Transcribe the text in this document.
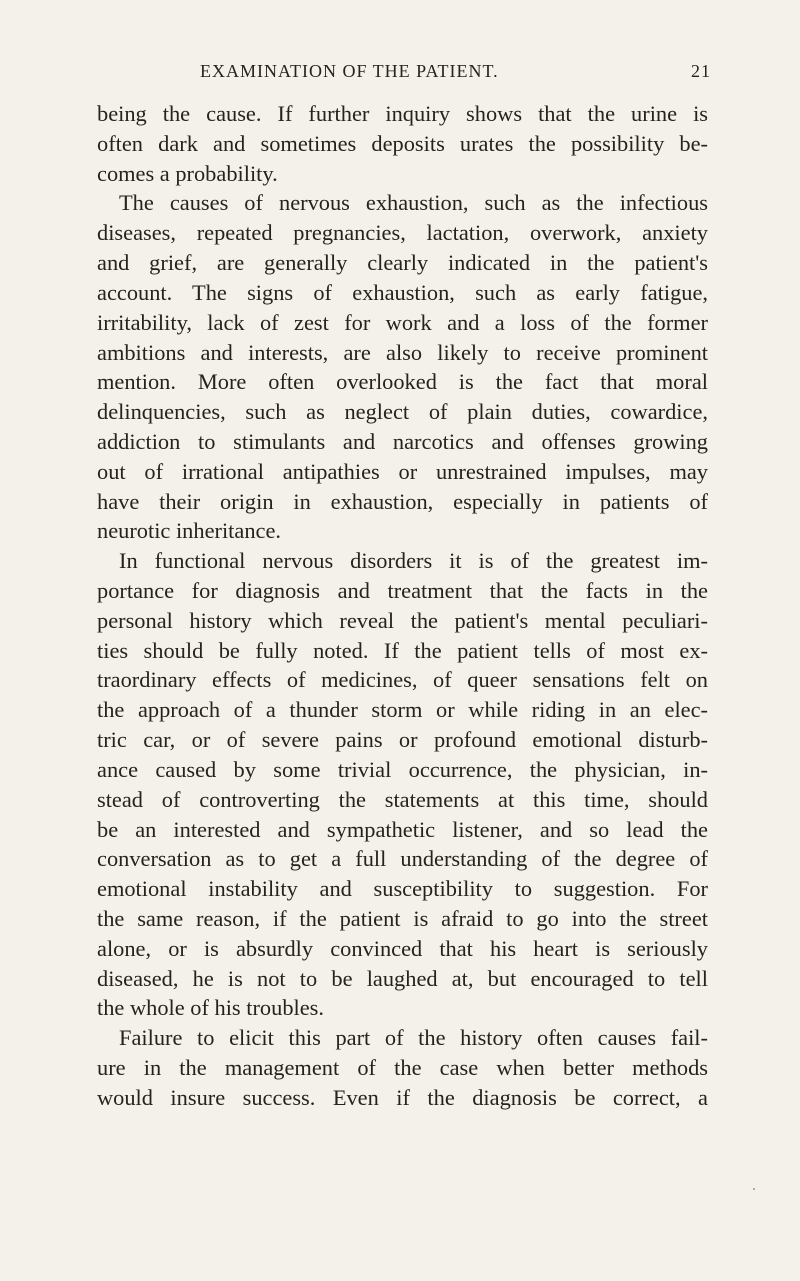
EXAMINATION OF THE PATIENT.	21
being the cause. If further inquiry shows that the urine is
often dark and sometimes deposits urates the possibility be-
comes a probability.
The causes of nervous exhaustion, such as the infectious
diseases, repeated pregnancies, lactation, overwork, anxiety
and grief, are generally clearly indicated in the patient's
account. The signs of exhaustion, such as early fatigue,
irritability, lack of zest for work and a loss of the former
ambitions and interests, are also likely to receive prominent
mention. More often overlooked is the fact that moral
delinquencies, such as neglect of plain duties, cowardice,
addiction to stimulants and narcotics and offenses growing
out of irrational antipathies or unrestrained impulses, may
have their origin in exhaustion, especially in patients of
neurotic inheritance.
In functional nervous disorders it is of the greatest im-
portance for diagnosis and treatment that the facts in the
personal history which reveal the patient's mental peculiari-
ties should be fully noted. If the patient tells of most ex-
traordinary effects of medicines, of queer sensations felt on
the approach of a thunder storm or while riding in an elec-
tric car, or of severe pains or profound emotional disturb-
ance caused by some trivial occurrence, the physician, in-
stead of controverting the statements at this time, should
be an interested and sympathetic listener, and so lead the
conversation as to get a full understanding of the degree of
emotional instability and susceptibility to suggestion. For
the same reason, if the patient is afraid to go into the street
alone, or is absurdly convinced that his heart is seriously
diseased, he is not to be laughed at, but encouraged to tell
the whole of his troubles.
Failure to elicit this part of the history often causes fail-
ure in the management of the case when better methods
would insure success. Even if the diagnosis be correct, a
